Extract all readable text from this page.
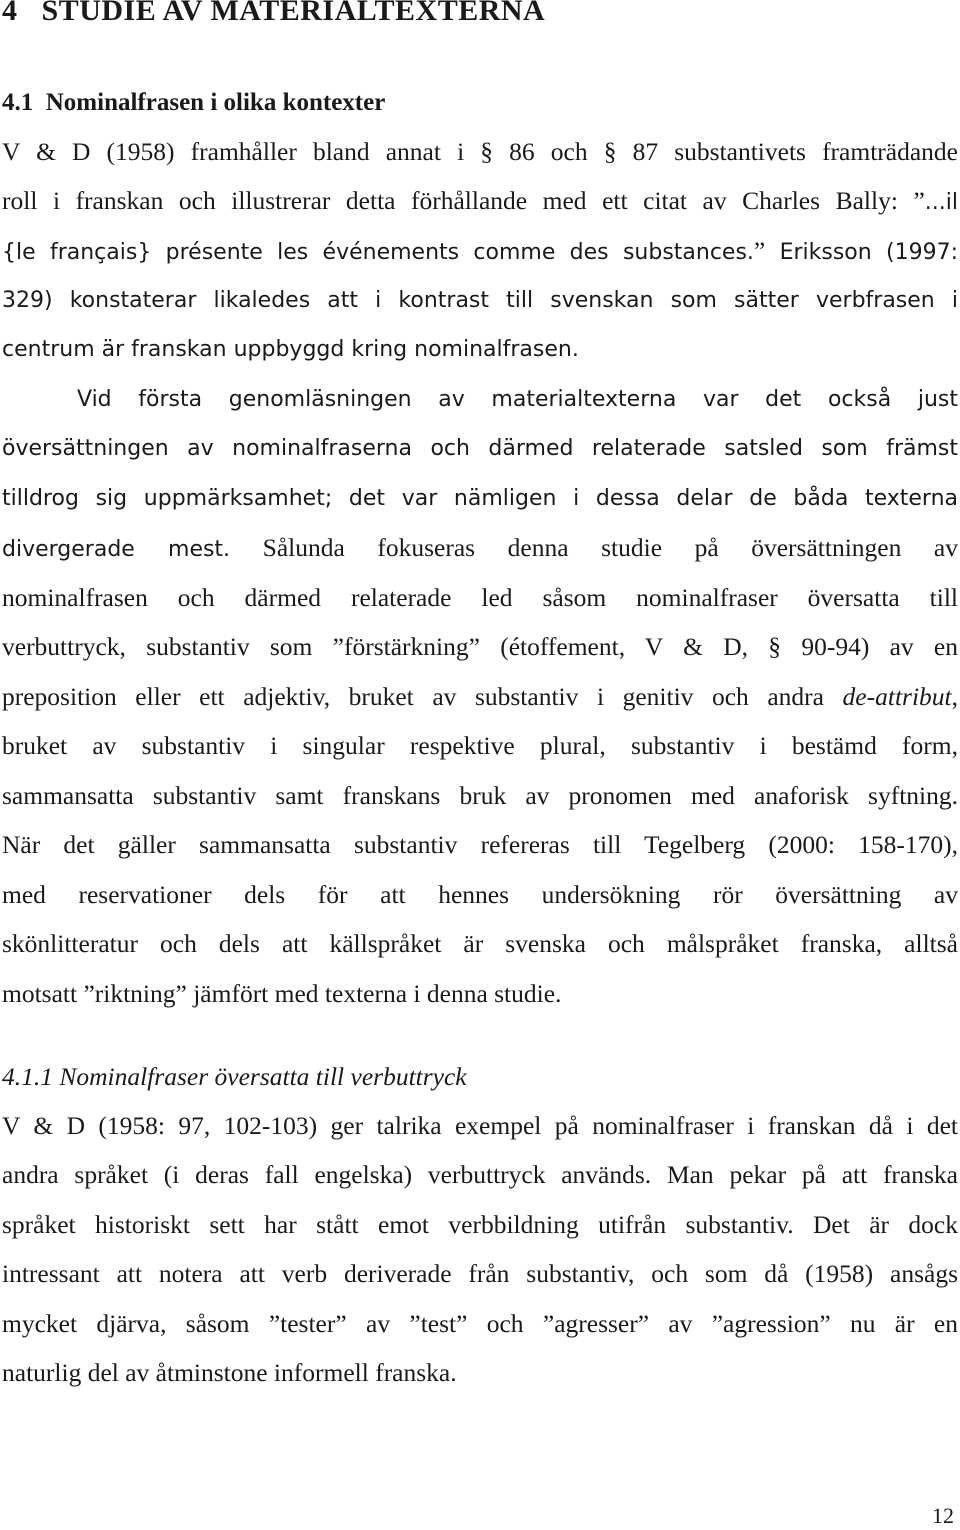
4 STUDIE AV MATERIALTEXTERNA
4.1 Nominalfrasen i olika kontexter
V & D (1958) framhåller bland annat i § 86 och § 87 substantivets framträdande
roll i franskan och illustrerar detta förhållande med ett citat av Charles Bally: ”...il
{le français} présente les événements comme des substances.” Eriksson (1997:
329) konstaterar likaledes att i kontrast till svenskan som sätter verbfrasen i
centrum är franskan uppbyggd kring nominalfrasen.
Vid första genomläsningen av materialtexterna var det också just
översättningen av nominalfraserna och därmed relaterade satsled som främst
tilldrog sig uppmärksamhet; det var nämligen i dessa delar de båda texterna
divergerade mest. Sålunda fokuseras denna studie på översättningen av
nominalfrasen och därmed relaterade led såsom nominalfraser översatta till
verbuttryck, substantiv som ”förstärkning” (étoffement, V & D, § 90-94) av en
preposition eller ett adjektiv, bruket av substantiv i genitiv och andra de-attribut,
bruket av substantiv i singular respektive plural, substantiv i bestämd form,
sammansatta substantiv samt franskans bruk av pronomen med anaforisk syftning.
När det gäller sammansatta substantiv refereras till Tegelberg (2000: 158-170),
med reservationer dels för att hennes undersökning rör översättning av
skönlitteratur och dels att källspråket är svenska och målspråket franska, alltså
motsatt ”riktning” jämfört med texterna i denna studie.
4.1.1 Nominalfraser översatta till verbuttryck
V & D (1958: 97, 102-103) ger talrika exempel på nominalfraser i franskan då i det
andra språket (i deras fall engelska) verbuttryck används. Man pekar på att franska
språket historiskt sett har stått emot verbbildning utifrån substantiv. Det är dock
intressant att notera att verb deriverade från substantiv, och som då (1958) ansågs
mycket djärva, såsom ”tester” av ”test” och ”agresser” av ”agression” nu är en
naturlig del av åtminstone informell franska.
12
